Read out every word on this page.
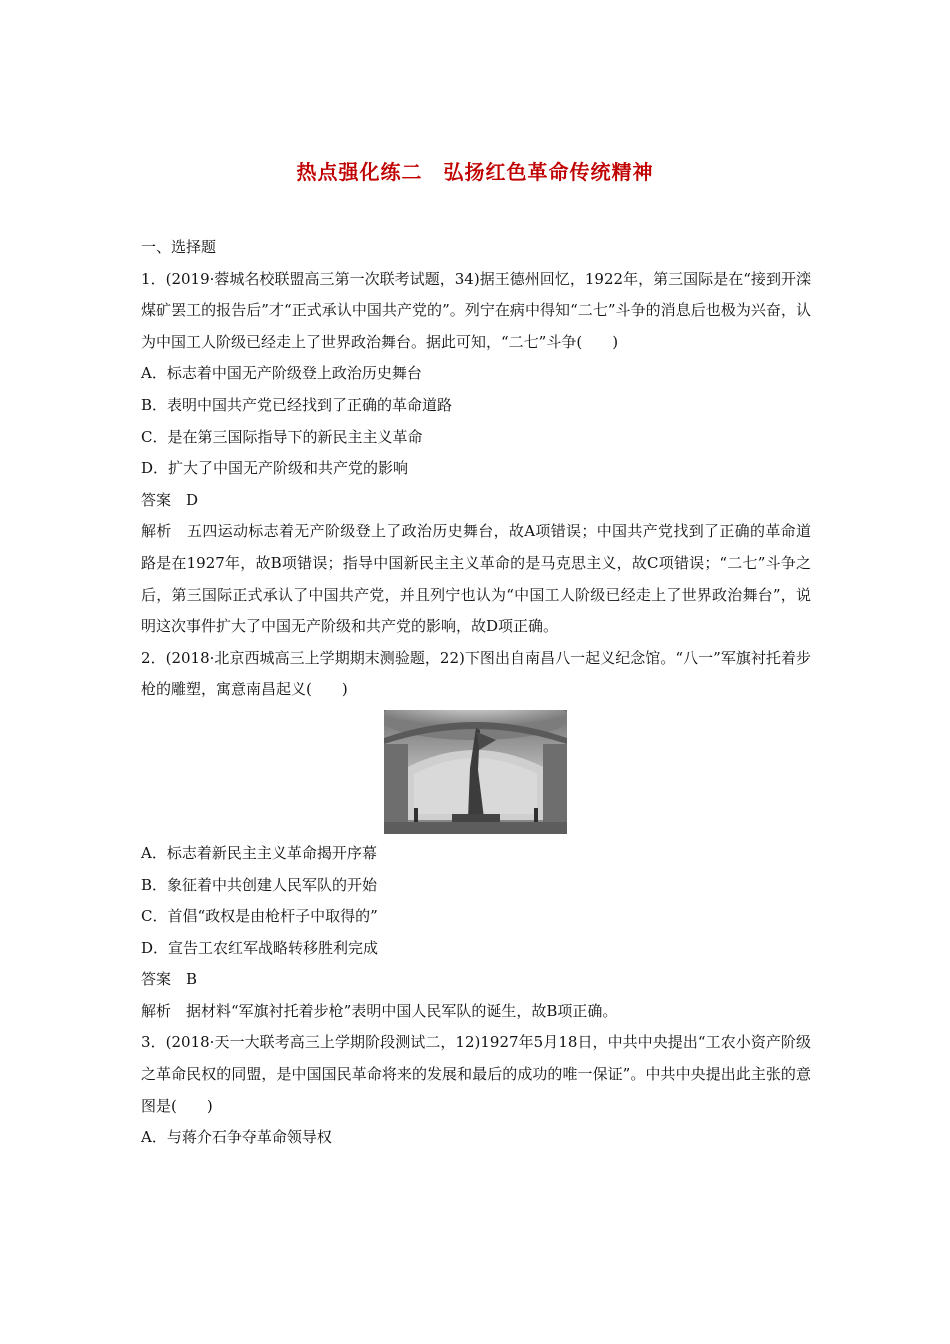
热点强化练二　弘扬红色革命传统精神

一、选择题

1．(2019·蓉城名校联盟高三第一次联考试题，34)据王德州回忆，1922年，第三国际是在“接到开滦煤矿罢工的报告后”才“正式承认中国共产党的”。列宁在病中得知“二七”斗争的消息后也极为兴奋，认为中国工人阶级已经走上了世界政治舞台。据此可知，“二七”斗争(　　)

A．标志着中国无产阶级登上政治历史舞台

B．表明中国共产党已经找到了正确的革命道路

C．是在第三国际指导下的新民主主义革命

D．扩大了中国无产阶级和共产党的影响

答案　D

解析　五四运动标志着无产阶级登上了政治历史舞台，故A项错误；中国共产党找到了正确的革命道路是在1927年，故B项错误；指导中国新民主主义革命的是马克思主义，故C项错误；“二七”斗争之后，第三国际正式承认了中国共产党，并且列宁也认为“中国工人阶级已经走上了世界政治舞台”，说明这次事件扩大了中国无产阶级和共产党的影响，故D项正确。

2．(2018·北京西城高三上学期期末测验题，22)下图出自南昌八一起义纪念馆。“八一”军旗衬托着步枪的雕塑，寓意南昌起义(　　)

A．标志着新民主主义革命揭开序幕

B．象征着中共创建人民军队的开始

C．首倡“政权是由枪杆子中取得的”

D．宣告工农红军战略转移胜利完成

答案　B

解析　据材料“军旗衬托着步枪”表明中国人民军队的诞生，故B项正确。

3．(2018·天一大联考高三上学期阶段测试二，12)1927年5月18日，中共中央提出“工农小资产阶级之革命民权的同盟，是中国国民革命将来的发展和最后的成功的唯一保证”。中共中央提出此主张的意图是(　　)

A．与蒋介石争夺革命领导权
